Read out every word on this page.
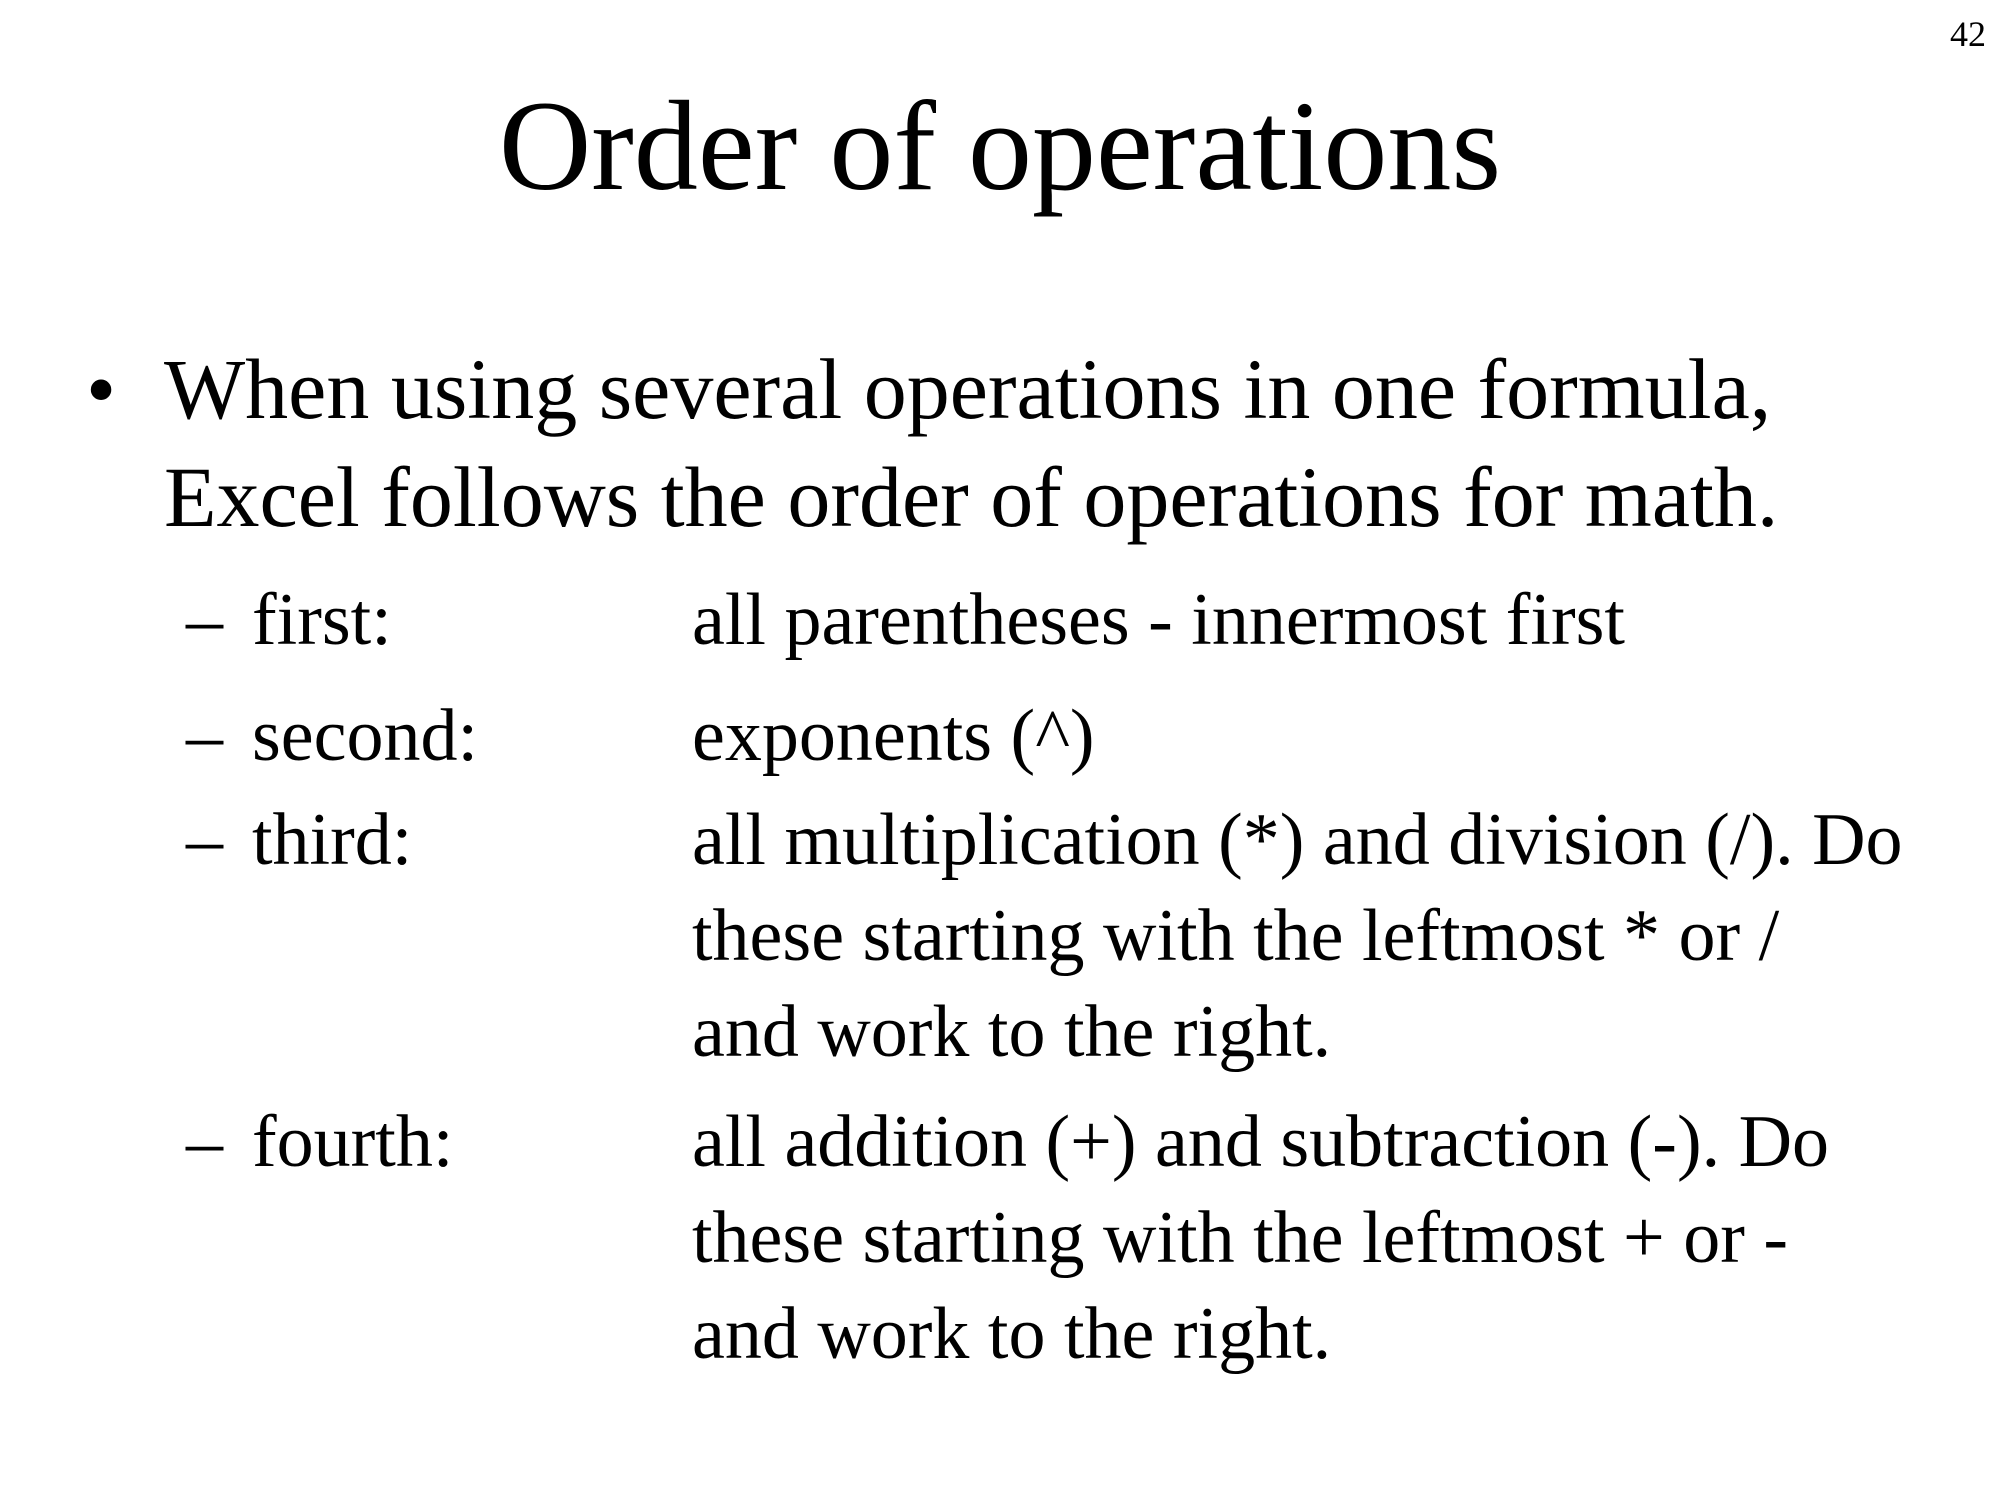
42
Order of operations
• When using several operations in one formula,
Excel follows the order of operations for math.
– first:	all parentheses - innermost first
– second:	exponents (^)
– third:	all multiplication (*) and division (/). Do
these starting with the leftmost * or /
and work to the right.
– fourth:	all addition (+) and subtraction (-). Do
these starting with the leftmost + or -
and work to the right.
